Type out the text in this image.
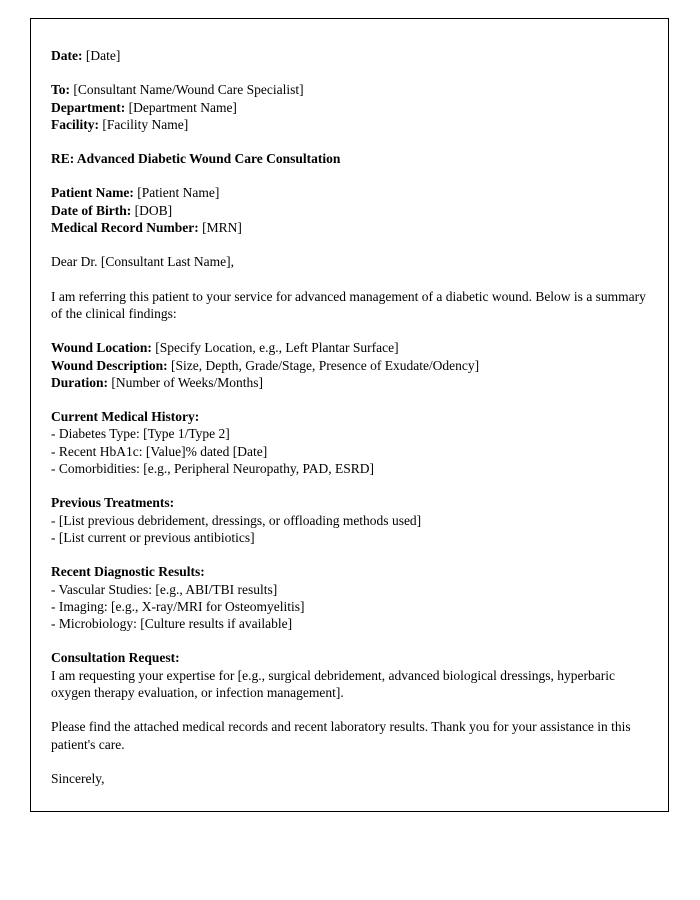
Date: [Date]

To: [Consultant Name/Wound Care Specialist]

Department: [Department Name]

Facility: [Facility Name]

RE: Advanced Diabetic Wound Care Consultation

Patient Name: [Patient Name]

Date of Birth: [DOB]

Medical Record Number: [MRN]

Dear Dr. [Consultant Last Name],

I am referring this patient to your service for advanced management of a diabetic wound. Below is a summary of the clinical findings:

Wound Location: [Specify Location, e.g., Left Plantar Surface]

Wound Description: [Size, Depth, Grade/Stage, Presence of Exudate/Odency]

Duration: [Number of Weeks/Months]

Current Medical History:

- Diabetes Type: [Type 1/Type 2]

- Recent HbA1c: [Value]% dated [Date]

- Comorbidities: [e.g., Peripheral Neuropathy, PAD, ESRD]

Previous Treatments:

- [List previous debridement, dressings, or offloading methods used]

- [List current or previous antibiotics]

Recent Diagnostic Results:

- Vascular Studies: [e.g., ABI/TBI results]

- Imaging: [e.g., X-ray/MRI for Osteomyelitis]

- Microbiology: [Culture results if available]

Consultation Request:

I am requesting your expertise for [e.g., surgical debridement, advanced biological dressings, hyperbaric oxygen therapy evaluation, or infection management].

Please find the attached medical records and recent laboratory results. Thank you for your assistance in this patient's care.

Sincerely,
